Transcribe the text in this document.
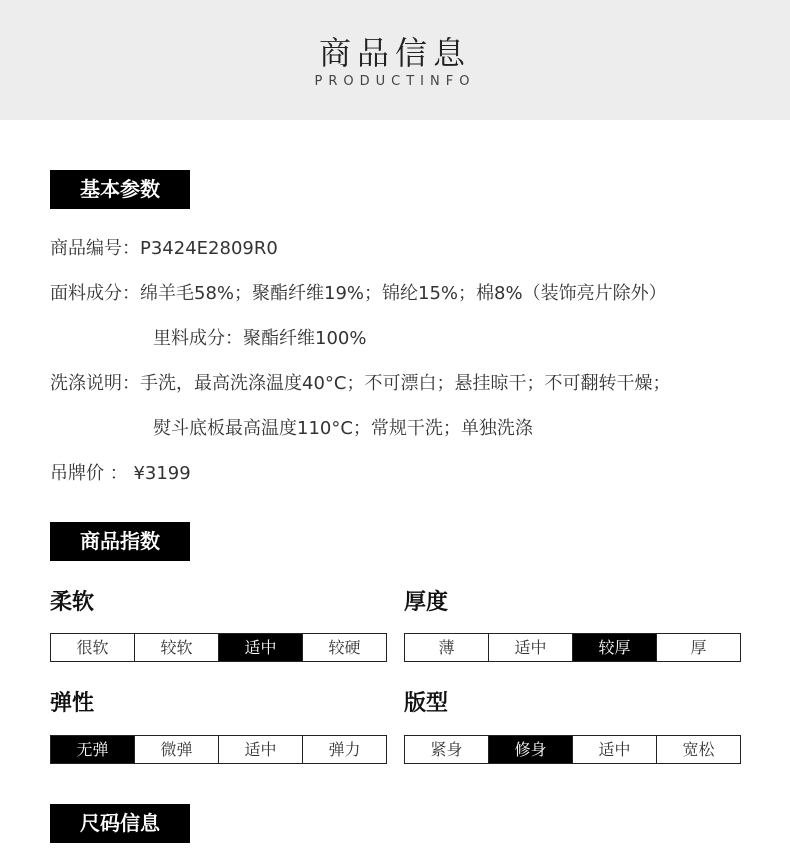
商品信息
PRODUCTINFO
基本参数
商品编号：P3424E2809R0
面料成分：绵羊毛58%；聚酯纤维19%；锦纶15%；棉8%（装饰亮片除外）
里料成分：聚酯纤维100%
洗涤说明：手洗，最高洗涤温度40°C；不可漂白；悬挂晾干；不可翻转干燥；
熨斗底板最高温度110°C；常规干洗；单独洗涤
吊牌价 ： ¥3199
商品指数
柔软
很软	较软	适中	较硬
厚度
薄	适中	较厚	厚
弹性
无弹	微弹	适中	弹力
版型
紧身	修身	适中	宽松
尺码信息
